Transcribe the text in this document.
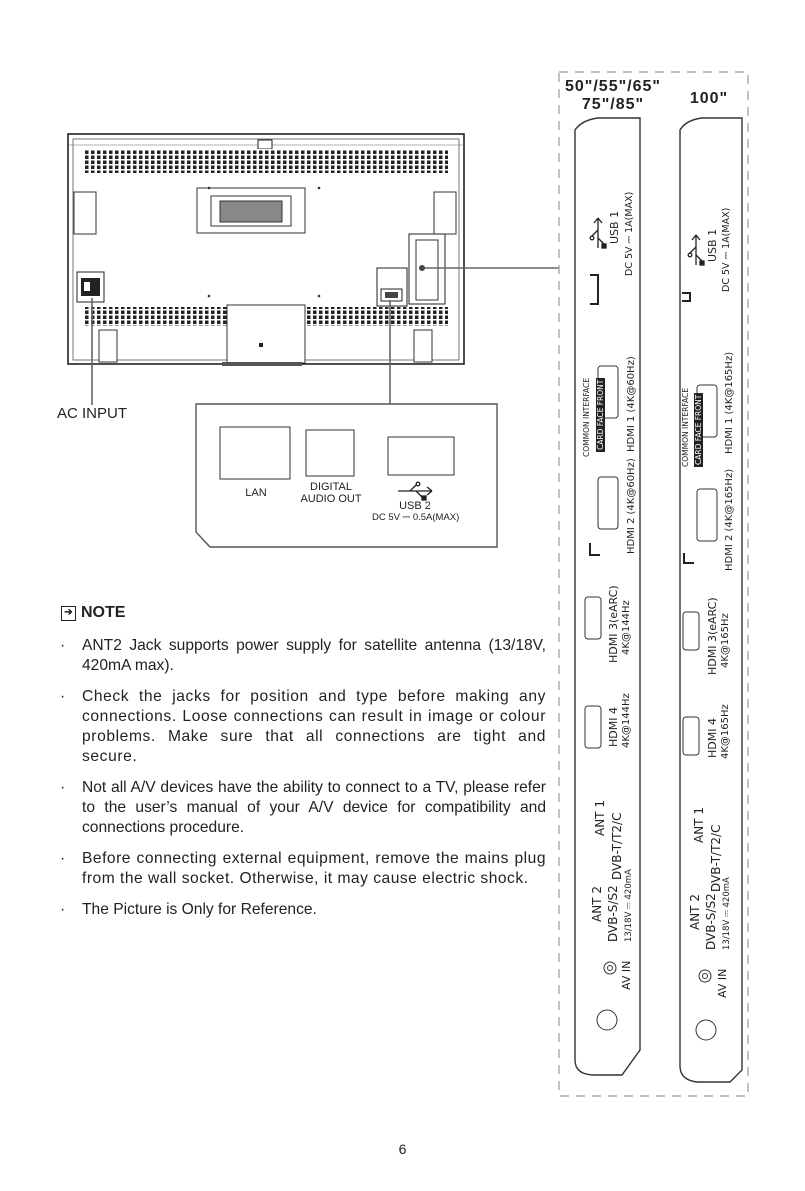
AC INPUT
LAN	DIGITAL
AUDIO OUT
USB 2
DC 5V ⎓ 0.5A(MAX)
50"/55"/65"
75"/85"	100"
USB 1 DC 5V ⎓ 1A(MAX)
COMMON INTERFACE CARD FACE FRONT HDMI 1 (4K@60Hz)
HDMI 2 (4K@60Hz)
HDMI 3(eARC) 4K@144Hz
HDMI 4 4K@144Hz
ANT 1 DVB-T/T2/C
ANT 2 DVB-S/S2 13/18V ⎓ 420mA
AV IN
USB 1 DC 5V ⎓ 1A(MAX)
COMMON INTERFACE CARD FACE FRONT HDMI 1 (4K@165Hz)
HDMI 2 (4K@165Hz)
HDMI 3(eARC) 4K@165Hz
HDMI 4 4K@165Hz
ANT 1 DVB-T/T2/C
ANT 2 DVB-S/S2 13/18V ⎓ 420mA
AV IN
➔ NOTE
· ANT2 Jack supports power supply for satellite antenna (13/18V, 420mA max).
· Check the jacks for position and type before making any connections. Loose connections can result in image or colour problems. Make sure that all connections are tight and secure.
· Not all A/V devices have the ability to connect to a TV, please refer to the user’s manual of your A/V device for compatibility and connections procedure.
· Before connecting external equipment, remove the mains plug from the wall socket. Otherwise, it may cause electric shock.
· The Picture is Only for Reference.
6
